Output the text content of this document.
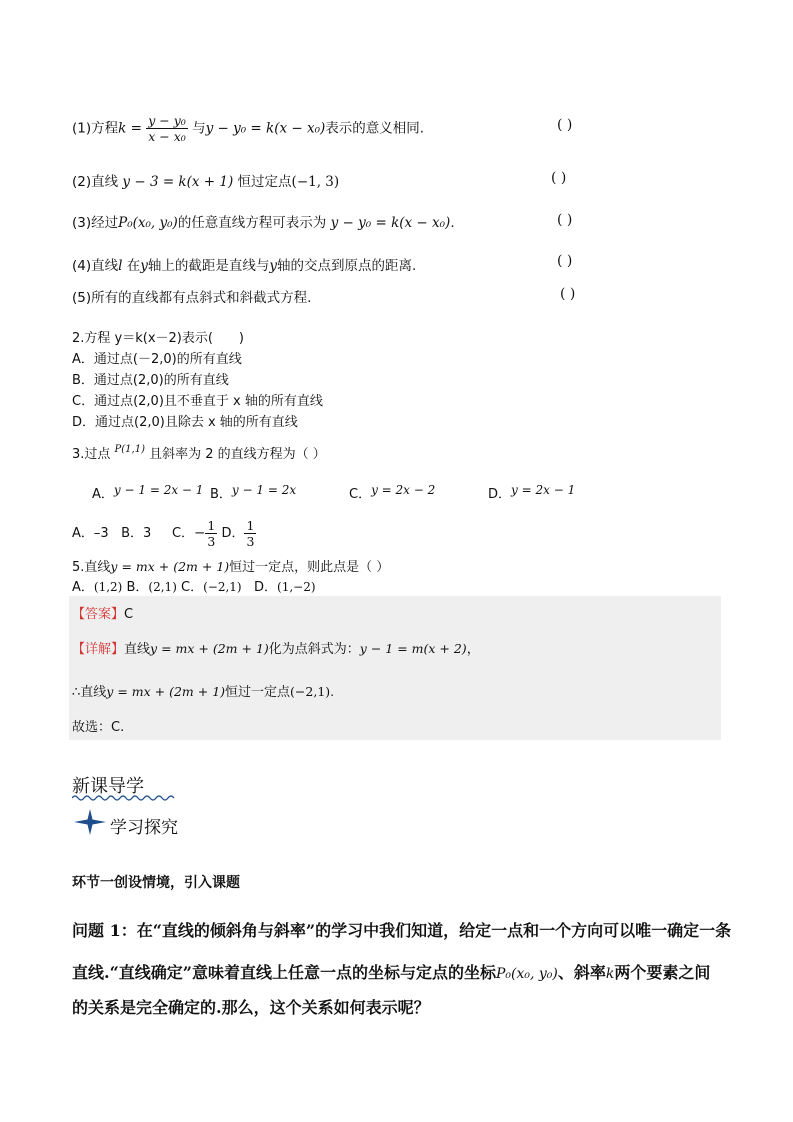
(1)方程$k = \frac{\text{y − y₀}}{\text{x − x₀}}$ 与y − y₀ = k(x − x₀)表示的意义相同.	( )
(2)直线 y − 3 = k(x + 1) 恒过定点(−1, 3)	( )
(3)经过P₀(x₀, y₀)的任意直线方程可表示为 y − y₀ = k(x − x₀).	( )
(4)直线l 在y轴上的截距是直线与y轴的交点到原点的距离.	( )
(5)所有的直线都有点斜式和斜截式方程.	( )
2.方程 y＝k(x－2)表示(　　)
A．通过点(－2,0)的所有直线
B．通过点(2,0)的所有直线
C．通过点(2,0)且不垂直于 x 轴的所有直线
D．通过点(2,0)且除去 x 轴的所有直线
3.过点 $^{P(1,1)}$ 且斜率为 2 的直线方程为（ ）
A．y − 1 = 2x − 1 B．y − 1 = 2x	C．y = 2x − 2	D．y = 2x − 1
A．–3 B．3 C．− $\frac{1}{3}$ D． $\frac{1}{3}$
5.直线y = mx + (2m + 1)恒过一定点，则此点是（ ）
A．(1,2) B．(2,1) C．(−2,1) D．(1,−2)
【答案】C
【详解】直线y = mx + (2m + 1)化为点斜式为：y − 1 = m(x + 2)，
∴直线y = mx + (2m + 1)恒过一定点(−2,1).
故选：C.
新课导学
学习探究
环节一创设情境，引入课题
问题 1：在“直线的倾斜角与斜率”的学习中我们知道，给定一点和一个方向可以唯一确定一条
直线.“直线确定”意味着直线上任意一点的坐标与定点的坐标P₀(x₀, y₀)、斜率k两个要素之间
的关系是完全确定的.那么，这个关系如何表示呢？
